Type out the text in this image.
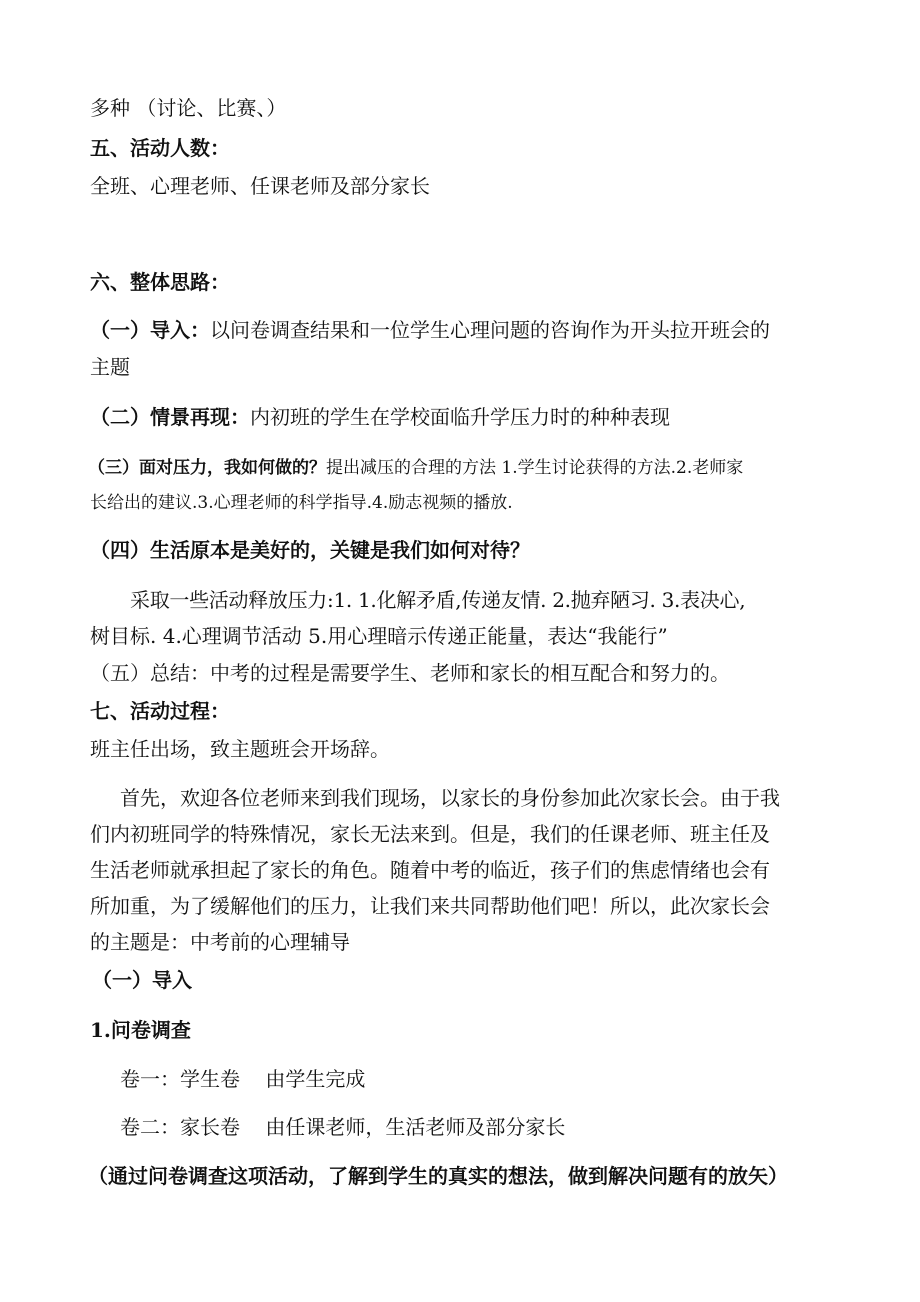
多种 （讨论、比赛、）
五、活动人数：
全班、心理老师、任课老师及部分家长
六、整体思路：
（一）导入：以问卷调查结果和一位学生心理问题的咨询作为开头拉开班会的
主题
（二）情景再现：内初班的学生在学校面临升学压力时的种种表现
（三）面对压力，我如何做的？提出减压的合理的方法 1.学生讨论获得的方法.2.老师家
长给出的建议.3.心理老师的科学指导.4.励志视频的播放.
（四）生活原本是美好的，关键是我们如何对待？
采取一些活动释放压力:1. 1.化解矛盾,传递友情. 2.抛弃陋习. 3.表决心,
树目标. 4.心理调节活动 5.用心理暗示传递正能量，表达“我能行”
（五）总结：中考的过程是需要学生、老师和家长的相互配合和努力的。
七、活动过程：
班主任出场，致主题班会开场辞。
首先，欢迎各位老师来到我们现场，以家长的身份参加此次家长会。由于我
们内初班同学的特殊情况，家长无法来到。但是，我们的任课老师、班主任及
生活老师就承担起了家长的角色。随着中考的临近，孩子们的焦虑情绪也会有
所加重，为了缓解他们的压力，让我们来共同帮助他们吧！所以，此次家长会
的主题是：中考前的心理辅导
（一）导入
1.问卷调查
卷一：学生卷    由学生完成
卷二：家长卷    由任课老师，生活老师及部分家长
（通过问卷调查这项活动，了解到学生的真实的想法，做到解决问题有的放矢）
